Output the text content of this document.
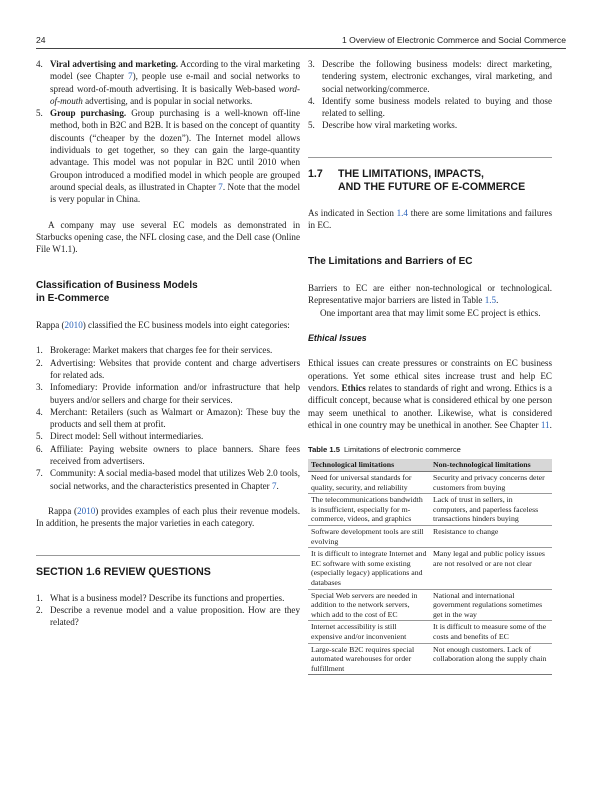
24	1 Overview of Electronic Commerce and Social Commerce
4. Viral advertising and marketing. According to the viral marketing model (see Chapter 7), people use e-mail and social networks to spread word-of-mouth advertising. It is basically Web-based word-of-mouth advertising, and is popular in social networks.
5. Group purchasing. Group purchasing is a well-known off-line method, both in B2C and B2B. It is based on the concept of quantity discounts (“cheaper by the dozen”). The Internet model allows individuals to get together, so they can gain the large-quantity advantage. This model was not popular in B2C until 2010 when Groupon introduced a modified model in which people are grouped around special deals, as illustrated in Chapter 7. Note that the model is very popular in China.

A company may use several EC models as demonstrated in Starbucks opening case, the NFL closing case, and the Dell case (Online File W1.1).

Classification of Business Models
in E-Commerce

Rappa (2010) classified the EC business models into eight categories:

1. Brokerage: Market makers that charges fee for their services.
2. Advertising: Websites that provide content and charge advertisers for related ads.
3. Infomediary: Provide information and/or infrastructure that help buyers and/or sellers and charge for their services.
4. Merchant: Retailers (such as Walmart or Amazon): These buy the products and sell them at profit.
5. Direct model: Sell without intermediaries.
6. Affiliate: Paying website owners to place banners. Share fees received from advertisers.
7. Community: A social media-based model that utilizes Web 2.0 tools, social networks, and the characteristics presented in Chapter 7.

Rappa (2010) provides examples of each plus their revenue models. In addition, he presents the major varieties in each category.

SECTION 1.6 REVIEW QUESTIONS
1. What is a business model? Describe its functions and properties.
2. Describe a revenue model and a value proposition. How are they related?
3. Describe the following business models: direct marketing, tendering system, electronic exchanges, viral marketing, and social networking/commerce.
4. Identify some business models related to buying and those related to selling.
5. Describe how viral marketing works.
1.7 THE LIMITATIONS, IMPACTS,
AND THE FUTURE OF E-COMMERCE

As indicated in Section 1.4 there are some limitations and failures in EC.

The Limitations and Barriers of EC

Barriers to EC are either non-technological or technological. Representative major barriers are listed in Table 1.5.

One important area that may limit some EC project is ethics.

Ethical Issues

Ethical issues can create pressures or constraints on EC business operations. Yet some ethical sites increase trust and help EC vendors. Ethics relates to standards of right and wrong. Ethics is a difficult concept, because what is considered ethical by one person may seem unethical to another. Likewise, what is considered ethical in one country may be unethical in another. See Chapter 11.

Table 1.5 Limitations of electronic commerce
Technological limitations	Non-technological limitations
Need for universal standards for quality, security, and reliability	Security and privacy concerns deter customers from buying
The telecommunications bandwidth is insufficient, especially for m-commerce, videos, and graphics	Lack of trust in sellers, in computers, and paperless faceless transactions hinders buying
Software development tools are still evolving	Resistance to change
It is difficult to integrate Internet and EC software with some existing (especially legacy) applications and databases	Many legal and public policy issues are not resolved or are not clear
Special Web servers are needed in addition to the network servers, which add to the cost of EC	National and international government regulations sometimes get in the way
Internet accessibility is still expensive and/or inconvenient	It is difficult to measure some of the costs and benefits of EC
Large-scale B2C requires special automated warehouses for order fulfillment	Not enough customers. Lack of collaboration along the supply chain
